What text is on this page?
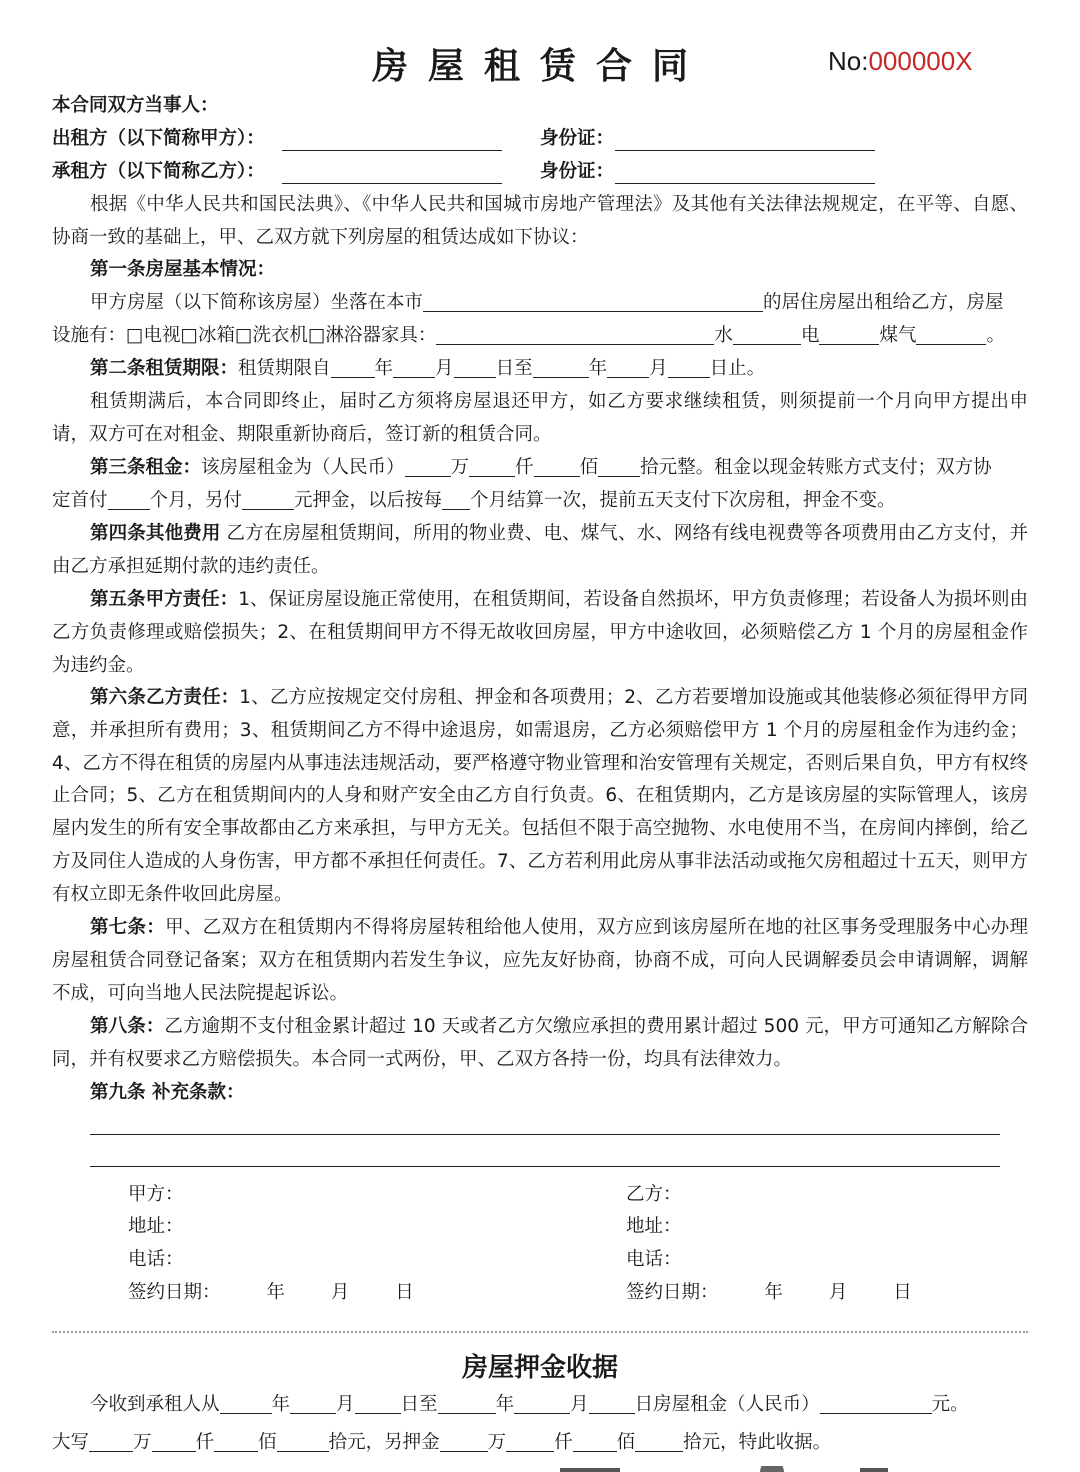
房屋租赁合同	No:000000X
本合同双方当事人：
出租方（以下简称甲方）：	身份证：
承租方（以下简称乙方）：	身份证：
根据《中华人民共和国民法典》、《中华人民共和国城市房地产管理法》及其他有关法律法规规定，在平等、自愿、协商一致的基础上，甲、乙双方就下列房屋的租赁达成如下协议：
第一条房屋基本情况：
甲方房屋（以下简称该房屋）坐落在本市	的居住房屋出租给乙方，房屋
设施有：□电视□冰箱□洗衣机□淋浴器家具：	水	电	煤气	。
第二条租赁期限：租赁期限自 年 月 日至	年 月 日止。
租赁期满后，本合同即终止，届时乙方须将房屋退还甲方，如乙方要求继续租赁，则须提前一个月向甲方提出申请，双方可在对租金、期限重新协商后，签订新的租赁合同。
第三条租金：该房屋租金为（人民币） 万 仟 佰 拾元整。租金以现金转账方式支付；双方协
定首付 个月，另付	元押金，以后按每 个月结算一次，提前五天支付下次房租，押金不变。
第四条其他费用 乙方在房屋租赁期间，所用的物业费、电、煤气、水、网络有线电视费等各项费用由乙方支付，并由乙方承担延期付款的违约责任。
第五条甲方责任：1、保证房屋设施正常使用，在租赁期间，若设备自然损坏，甲方负责修理；若设备人为损坏则由乙方负责修理或赔偿损失；2、在租赁期间甲方不得无故收回房屋，甲方中途收回，必须赔偿乙方 1 个月的房屋租金作为违约金。
第六条乙方责任：1、乙方应按规定交付房租、押金和各项费用；2、乙方若要增加设施或其他装修必须征得甲方同意，并承担所有费用；3、租赁期间乙方不得中途退房，如需退房，乙方必须赔偿甲方 1 个月的房屋租金作为违约金；4、乙方不得在租赁的房屋内从事违法违规活动，要严格遵守物业管理和治安管理有关规定，否则后果自负，甲方有权终止合同；5、乙方在租赁期间内的人身和财产安全由乙方自行负责。6、在租赁期内，乙方是该房屋的实际管理人，该房屋内发生的所有安全事故都由乙方来承担，与甲方无关。包括但不限于高空抛物、水电使用不当，在房间内摔倒，给乙方及同住人造成的人身伤害，甲方都不承担任何责任。7、乙方若利用此房从事非法活动或拖欠房租超过十五天，则甲方有权立即无条件收回此房屋。
第七条：甲、乙双方在租赁期内不得将房屋转租给他人使用，双方应到该房屋所在地的社区事务受理服务中心办理房屋租赁合同登记备案；双方在租赁期内若发生争议，应先友好协商，协商不成，可向人民调解委员会申请调解，调解不成，可向当地人民法院提起诉讼。
第八条：乙方逾期不支付租金累计超过 10 天或者乙方欠缴应承担的费用累计超过 500 元，甲方可通知乙方解除合同，并有权要求乙方赔偿损失。本合同一式两份，甲、乙双方各持一份，均具有法律效力。
第九条 补充条款：
甲方：	乙方：
地址：	地址：
电话：	电话：
签约日期： 年 月 日	签约日期： 年 月 日
房屋押金收据
今收到承租人从	年 月 日至	年	月 日房屋租金（人民币）	元。
大写 万 仟 佰	拾元，另押金	万	仟 佰	拾元，特此收据。
